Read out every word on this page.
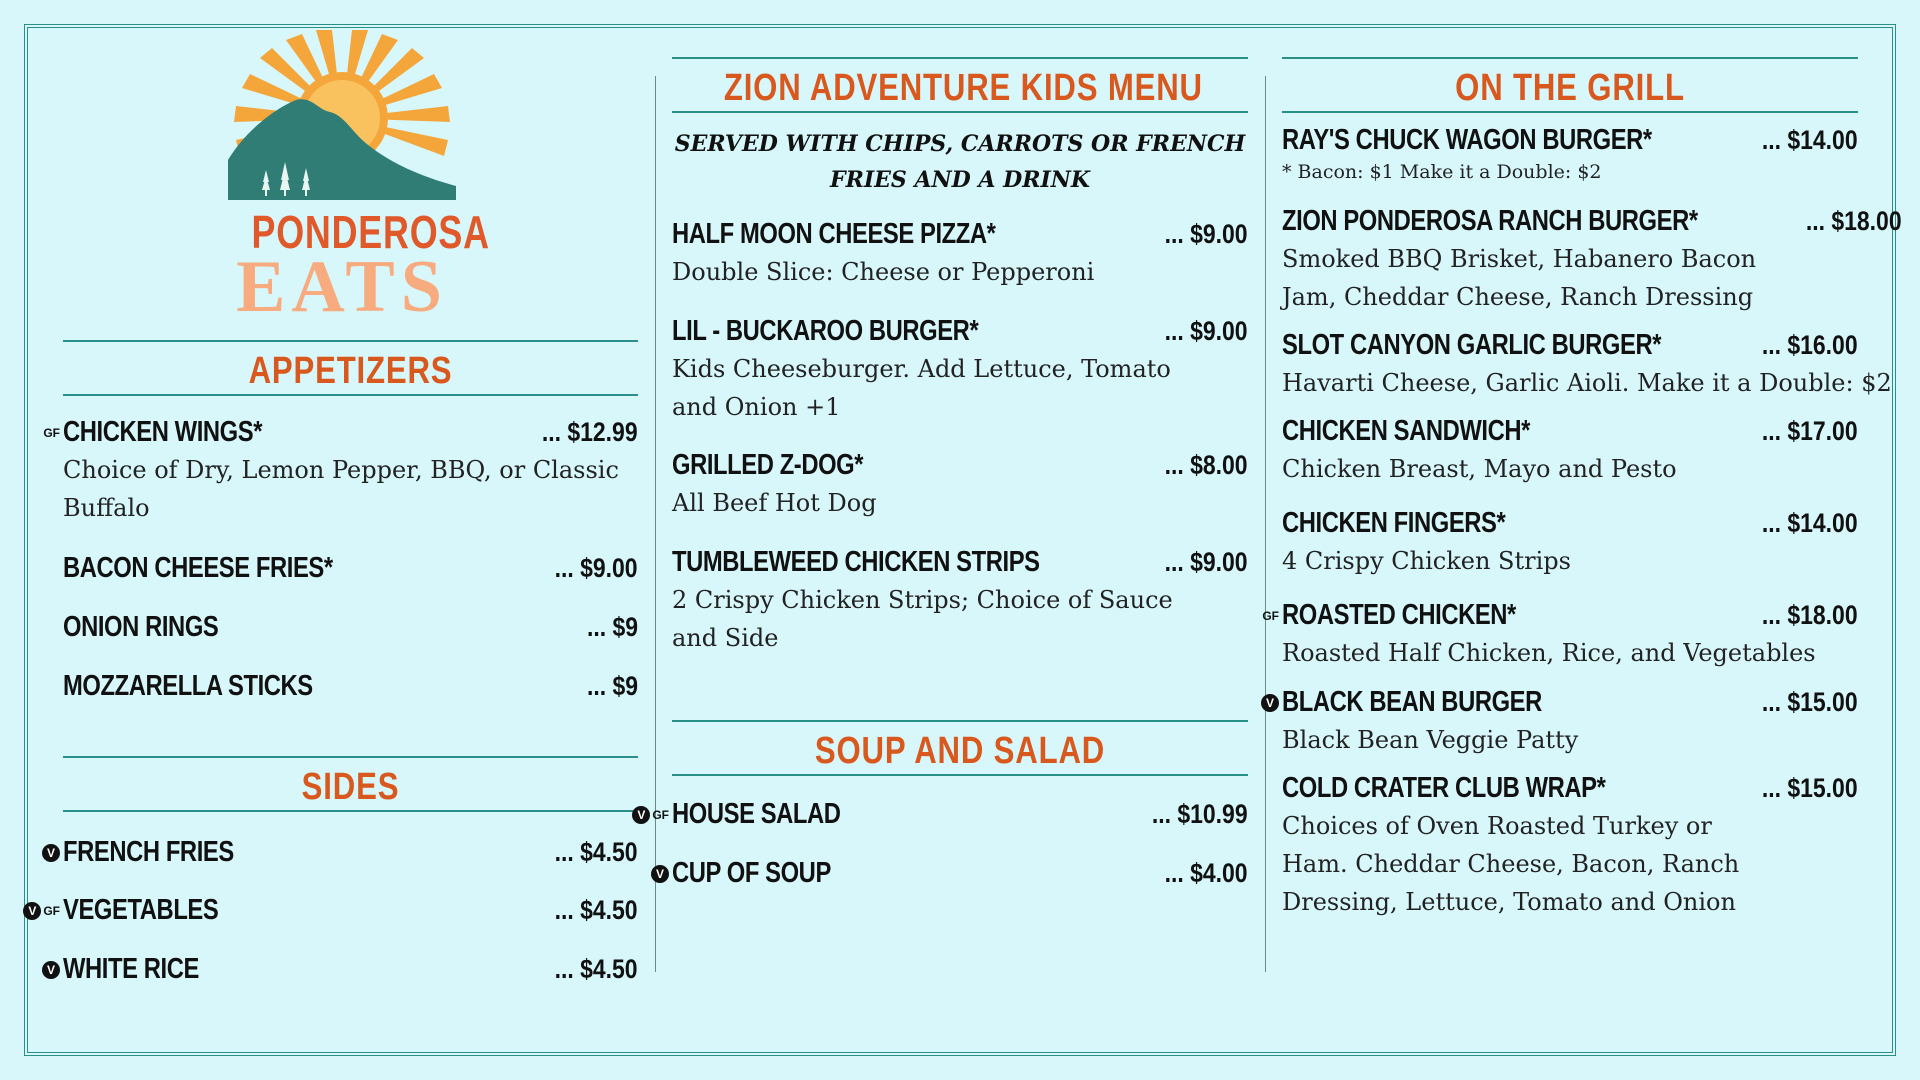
PONDEROSA
EATS
APPETIZERS
GF CHICKEN WINGS*	... $12.99
Choice of Dry, Lemon Pepper, BBQ, or Classic Buffalo
BACON CHEESE FRIES*	... $9.00
ONION RINGS	... $9
MOZZARELLA STICKS	... $9
SIDES
V FRENCH FRIES	... $4.50
V GF VEGETABLES	... $4.50
V WHITE RICE	... $4.50
ZION ADVENTURE KIDS MENU
SERVED WITH CHIPS, CARROTS OR FRENCH FRIES AND A DRINK
HALF MOON CHEESE PIZZA*	... $9.00
Double Slice: Cheese or Pepperoni
LIL - BUCKAROO BURGER*	... $9.00
Kids Cheeseburger. Add Lettuce, Tomato and Onion +1
GRILLED Z-DOG*	... $8.00
All Beef Hot Dog
TUMBLEWEED CHICKEN STRIPS	... $9.00
2 Crispy Chicken Strips; Choice of Sauce and Side
SOUP AND SALAD
V GF HOUSE SALAD	... $10.99
V CUP OF SOUP	... $4.00
ON THE GRILL
RAY'S CHUCK WAGON BURGER*	... $14.00
* Bacon: $1 Make it a Double: $2
ZION PONDEROSA RANCH BURGER*	... $18.00
Smoked BBQ Brisket, Habanero Bacon Jam, Cheddar Cheese, Ranch Dressing
SLOT CANYON GARLIC BURGER*	... $16.00
Havarti Cheese, Garlic Aioli. Make it a Double: $2
CHICKEN SANDWICH*	... $17.00
Chicken Breast, Mayo and Pesto
CHICKEN FINGERS*	... $14.00
4 Crispy Chicken Strips
GF ROASTED CHICKEN*	... $18.00
Roasted Half Chicken, Rice, and Vegetables
V BLACK BEAN BURGER	... $15.00
Black Bean Veggie Patty
COLD CRATER CLUB WRAP*	... $15.00
Choices of Oven Roasted Turkey or Ham. Cheddar Cheese, Bacon, Ranch Dressing, Lettuce, Tomato and Onion
